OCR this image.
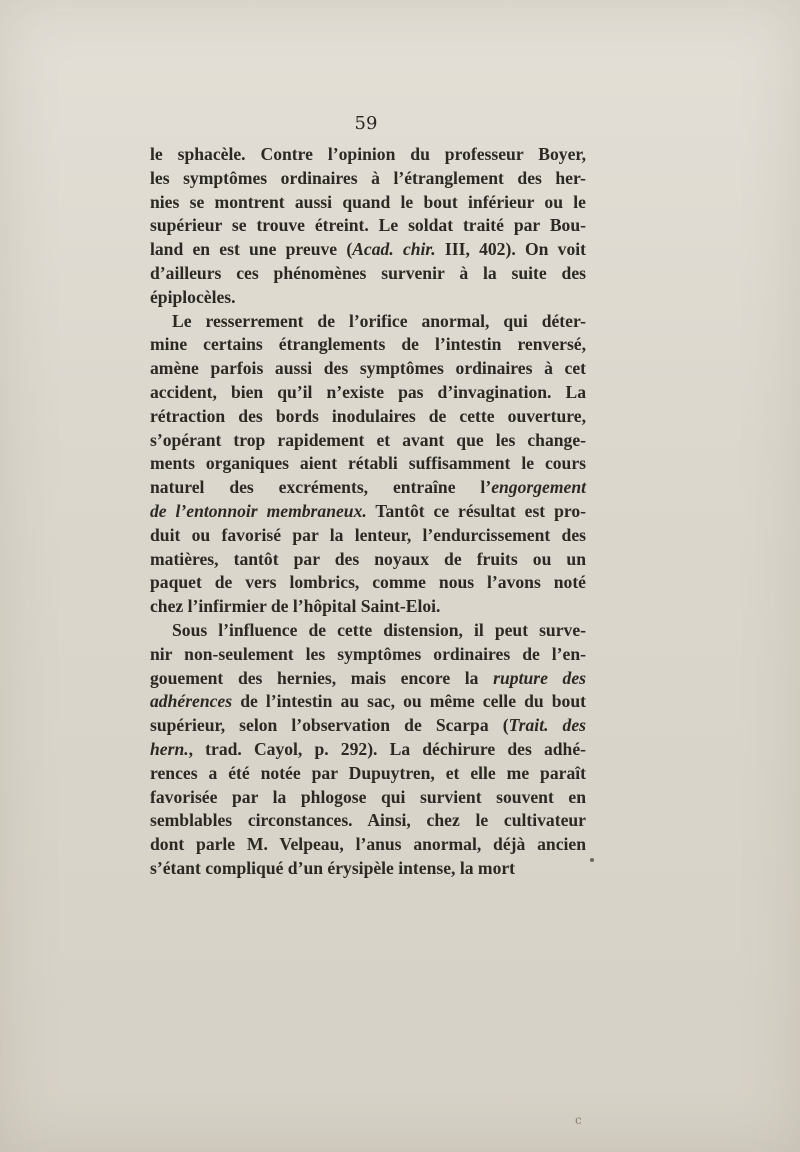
59
le sphacèle. Contre l’opinion du professeur Boyer,
les symptômes ordinaires à l’étranglement des her-
nies se montrent aussi quand le bout inférieur ou le
supérieur se trouve étreint. Le soldat traité par Bou-
land en est une preuve (Acad. chir. III, 402). On voit
d’ailleurs ces phénomènes survenir à la suite des
épiplocèles.
Le resserrement de l’orifice anormal, qui déter-
mine certains étranglements de l’intestin renversé,
amène parfois aussi des symptômes ordinaires à cet
accident, bien qu’il n’existe pas d’invagination. La
rétraction des bords inodulaires de cette ouverture,
s’opérant trop rapidement et avant que les change-
ments organiques aient rétabli suffisamment le cours
naturel des excréments, entraîne l’engorgement
de l’entonnoir membraneux. Tantôt ce résultat est pro-
duit ou favorisé par la lenteur, l’endurcissement des
matières, tantôt par des noyaux de fruits ou un
paquet de vers lombrics, comme nous l’avons noté
chez l’infirmier de l’hôpital Saint-Eloi.
Sous l’influence de cette distension, il peut surve-
nir non-seulement les symptômes ordinaires de l’en-
gouement des hernies, mais encore la rupture des
adhérences de l’intestin au sac, ou même celle du bout
supérieur, selon l’observation de Scarpa (Trait. des
hern., trad. Cayol, p. 292). La déchirure des adhé-
rences a été notée par Dupuytren, et elle me paraît
favorisée par la phlogose qui survient souvent en
semblables circonstances. Ainsi, chez le cultivateur
dont parle M. Velpeau, l’anus anormal, déjà ancien
s’étant compliqué d’un érysipèle intense, la mort
c
